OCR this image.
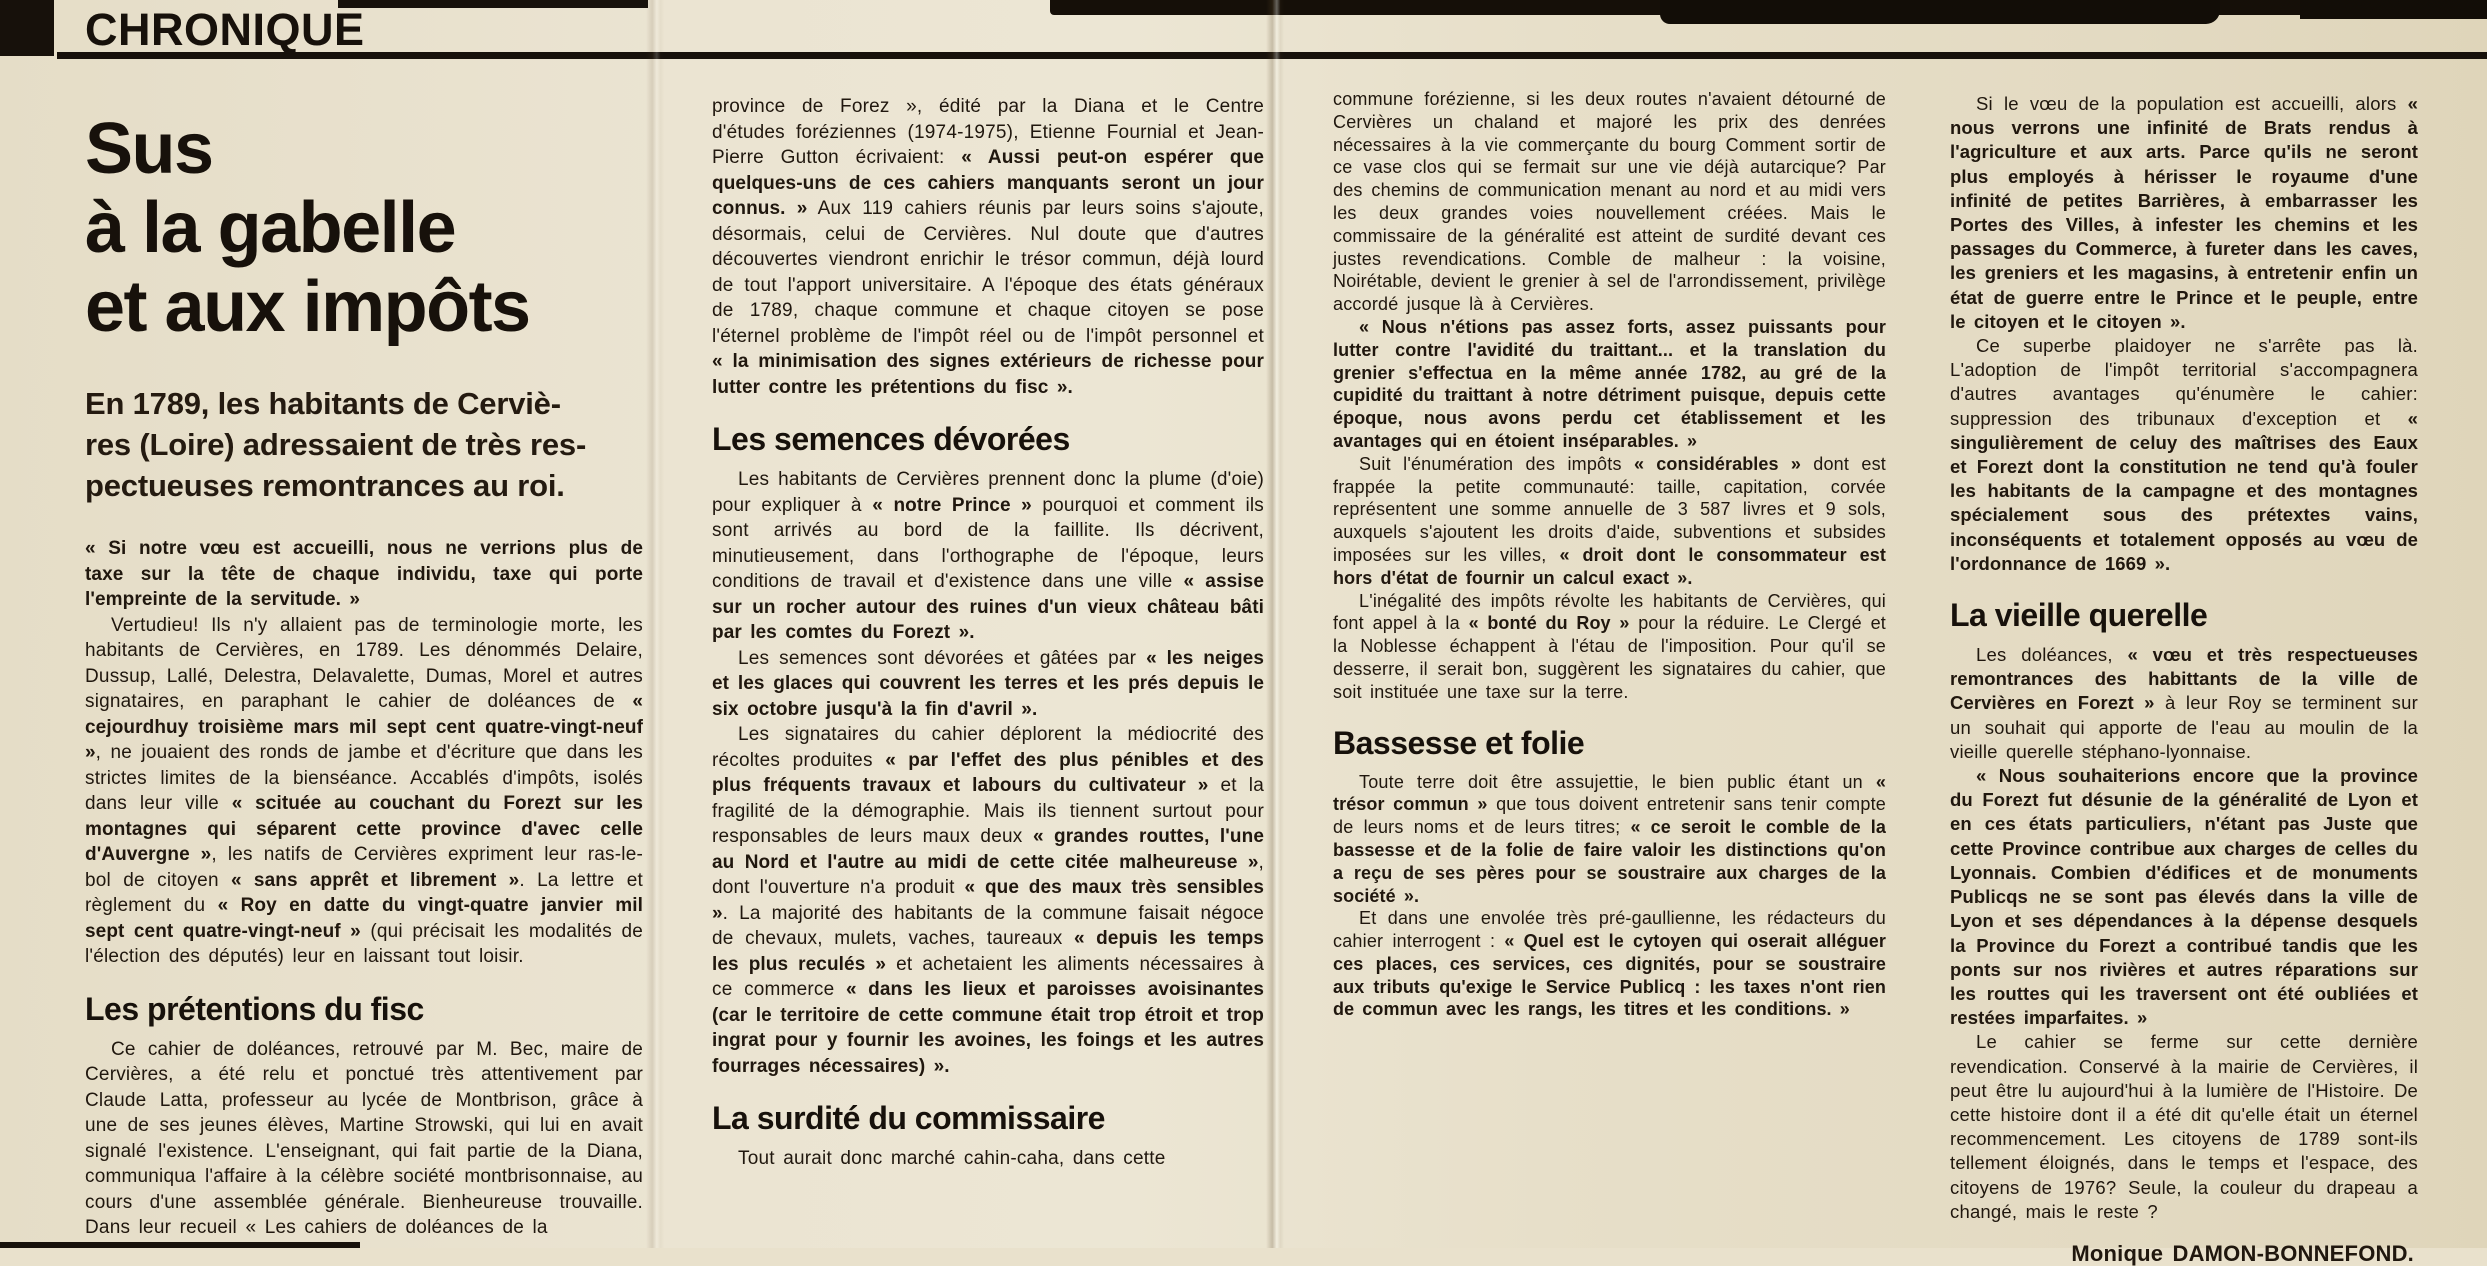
CHRONIQUE
Sus
à la gabelle
et aux impôts
En 1789, les habitants de Cerviè-
res (Loire) adressaient de très res-
pectueuses remontrances au roi.

« Si notre vœu est accueilli, nous ne verrions plus de taxe sur la tête de chaque individu, taxe qui porte l'empreinte de la servitude. »

Vertudieu! Ils n'y allaient pas de terminologie morte, les habitants de Cervières, en 1789. Les dénommés Delaire, Dussup, Lallé, Delestra, Delavalette, Dumas, Morel et autres signataires, en paraphant le cahier de doléances de « cejourdhuy troisième mars mil sept cent quatre-vingt-neuf », ne jouaient des ronds de jambe et d'écriture que dans les strictes limites de la bienséance. Accablés d'impôts, isolés dans leur ville « scituée au couchant du Forezt sur les montagnes qui séparent cette province d'avec celle d'Auvergne », les natifs de Cervières expriment leur ras-le-bol de citoyen « sans apprêt et librement ». La lettre et règlement du « Roy en datte du vingt-quatre janvier mil sept cent quatre-vingt-neuf » (qui précisait les modalités de l'élection des députés) leur en laissant tout loisir.

Les prétentions du fisc

Ce cahier de doléances, retrouvé par M. Bec, maire de Cervières, a été relu et ponctué très attentivement par Claude Latta, professeur au lycée de Montbrison, grâce à une de ses jeunes élèves, Martine Strowski, qui lui en avait signalé l'existence. L'enseignant, qui fait partie de la Diana, communiqua l'affaire à la célèbre société montbrisonnaise, au cours d'une assemblée générale. Bienheureuse trouvaille. Dans leur recueil « Les cahiers de doléances de la

province de Forez », édité par la Diana et le Centre d'études foréziennes (1974-1975), Etienne Fournial et Jean-Pierre Gutton écrivaient: « Aussi peut-on espérer que quelques-uns de ces cahiers manquants seront un jour connus. » Aux 119 cahiers réunis par leurs soins s'ajoute, désormais, celui de Cervières. Nul doute que d'autres découvertes viendront enrichir le trésor commun, déjà lourd de tout l'apport universitaire. A l'époque des états généraux de 1789, chaque commune et chaque citoyen se pose l'éternel problème de l'impôt réel ou de l'impôt personnel et « la minimisation des signes extérieurs de richesse pour lutter contre les prétentions du fisc ».

Les semences dévorées

Les habitants de Cervières prennent donc la plume (d'oie) pour expliquer à « notre Prince » pourquoi et comment ils sont arrivés au bord de la faillite. Ils décrivent, minutieusement, dans l'orthographe de l'époque, leurs conditions de travail et d'existence dans une ville « assise sur un rocher autour des ruines d'un vieux château bâti par les comtes du Forezt ».

Les semences sont dévorées et gâtées par « les neiges et les glaces qui couvrent les terres et les prés depuis le six octobre jusqu'à la fin d'avril ».

Les signataires du cahier déplorent la médiocrité des récoltes produites « par l'effet des plus pénibles et des plus fréquents travaux et labours du cultivateur » et la fragilité de la démographie. Mais ils tiennent surtout pour responsables de leurs maux deux « grandes routtes, l'une au Nord et l'autre au midi de cette citée malheureuse », dont l'ouverture n'a produit « que des maux très sensibles ». La majorité des habitants de la commune faisait négoce de chevaux, mulets, vaches, taureaux « depuis les temps les plus reculés » et achetaient les aliments nécessaires à ce commerce « dans les lieux et paroisses avoisinantes (car le territoire de cette commune était trop étroit et trop ingrat pour y fournir les avoines, les foings et les autres fourrages nécessaires) ».

La surdité du commissaire

Tout aurait donc marché cahin-caha, dans cette

commune forézienne, si les deux routes n'avaient détourné de Cervières un chaland et majoré les prix des denrées nécessaires à la vie commerçante du bourg Comment sortir de ce vase clos qui se fermait sur une vie déjà autarcique? Par des chemins de communication menant au nord et au midi vers les deux grandes voies nouvellement créées. Mais le commissaire de la généralité est atteint de surdité devant ces justes revendications. Comble de malheur : la voisine, Noirétable, devient le grenier à sel de l'arrondissement, privilège accordé jusque là à Cervières.

« Nous n'étions pas assez forts, assez puissants pour lutter contre l'avidité du traittant... et la translation du grenier s'effectua en la même année 1782, au gré de la cupidité du traittant à notre détriment puisque, depuis cette époque, nous avons perdu cet établissement et les avantages qui en étoient inséparables. »

Suit l'énumération des impôts « considérables » dont est frappée la petite communauté: taille, capitation, corvée représentent une somme annuelle de 3 587 livres et 9 sols, auxquels s'ajoutent les droits d'aide, subventions et subsides imposées sur les villes, « droit dont le consommateur est hors d'état de fournir un calcul exact ».

L'inégalité des impôts révolte les habitants de Cervières, qui font appel à la « bonté du Roy » pour la réduire. Le Clergé et la Noblesse échappent à l'étau de l'imposition. Pour qu'il se desserre, il serait bon, suggèrent les signataires du cahier, que soit instituée une taxe sur la terre.

Bassesse et folie

Toute terre doit être assujettie, le bien public étant un « trésor commun » que tous doivent entretenir sans tenir compte de leurs noms et de leurs titres; « ce seroit le comble de la bassesse et de la folie de faire valoir les distinctions qu'on a reçu de ses pères pour se soustraire aux charges de la société ».

Et dans une envolée très pré-gaullienne, les rédacteurs du cahier interrogent : « Quel est le cytoyen qui oserait alléguer ces places, ces services, ces dignités, pour se soustraire aux tributs qu'exige le Service Publicq : les taxes n'ont rien de commun avec les rangs, les titres et les conditions. »

Si le vœu de la population est accueilli, alors « nous verrons une infinité de Brats rendus à l'agriculture et aux arts. Parce qu'ils ne seront plus employés à hérisser le royaume d'une infinité de petites Barrières, à embarrasser les Portes des Villes, à infester les chemins et les passages du Commerce, à fureter dans les caves, les greniers et les magasins, à entretenir enfin un état de guerre entre le Prince et le peuple, entre le citoyen et le citoyen ».

Ce superbe plaidoyer ne s'arrête pas là. L'adoption de l'impôt territorial s'accompagnera d'autres avantages qu'énumère le cahier: suppression des tribunaux d'exception et « singulièrement de celuy des maîtrises des Eaux et Forezt dont la constitution ne tend qu'à fouler les habitants de la campagne et des montagnes spécialement sous des prétextes vains, inconséquents et totalement opposés au vœu de l'ordonnance de 1669 ».

La vieille querelle

Les doléances, « vœu et très respectueuses remontrances des habittants de la ville de Cervières en Forezt » à leur Roy se terminent sur un souhait qui apporte de l'eau au moulin de la vieille querelle stéphano-lyonnaise.

« Nous souhaiterions encore que la province du Forezt fut désunie de la généralité de Lyon et en ces états particuliers, n'étant pas Juste que cette Province contribue aux charges de celles du Lyonnais. Combien d'édifices et de monuments Publicqs ne se sont pas élevés dans la ville de Lyon et ses dépendances à la dépense desquels la Province du Forezt a contribué tandis que les ponts sur nos rivières et autres réparations sur les routtes qui les traversent ont été oubliées et restées imparfaites. »

Le cahier se ferme sur cette dernière revendication. Conservé à la mairie de Cervières, il peut être lu aujourd'hui à la lumière de l'Histoire. De cette histoire dont il a été dit qu'elle était un éternel recommencement. Les citoyens de 1789 sont-ils tellement éloignés, dans le temps et l'espace, des citoyens de 1976? Seule, la couleur du drapeau a changé, mais le reste ?

Monique DAMON-BONNEFOND.
